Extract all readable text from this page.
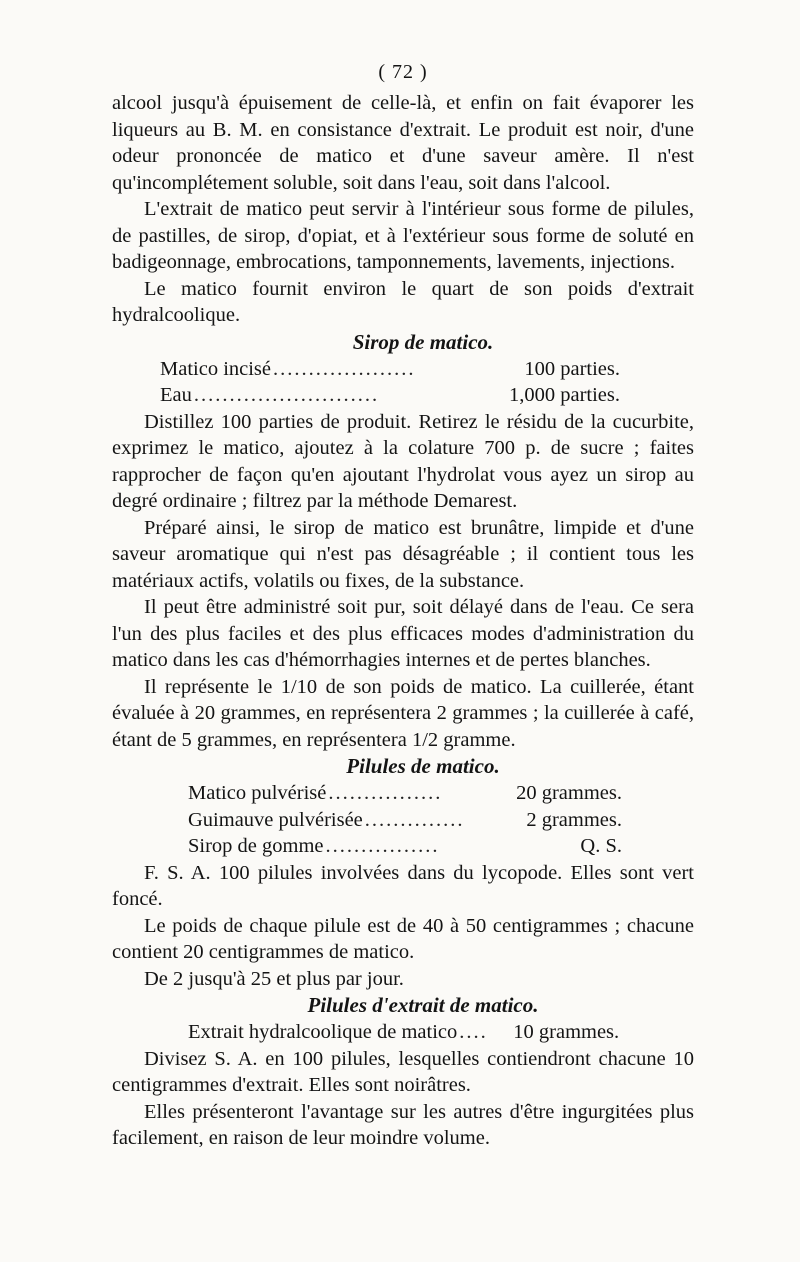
( 72 )

alcool jusqu'à épuisement de celle-là, et enfin on fait évaporer les liqueurs au B. M. en consistance d'extrait. Le produit est noir, d'une odeur prononcée de matico et d'une saveur amère. Il n'est qu'incomplétement soluble, soit dans l'eau, soit dans l'alcool.

L'extrait de matico peut servir à l'intérieur sous forme de pilules, de pastilles, de sirop, d'opiat, et à l'extérieur sous forme de soluté en badigeonnage, embrocations, tamponnements, lavements, injections.

Le matico fournit environ le quart de son poids d'extrait hydralcoolique.

Sirop de matico.
Matico incisé ....................	100 parties.
Eau ..........................	1,000 parties.

Distillez 100 parties de produit. Retirez le résidu de la cucurbite, exprimez le matico, ajoutez à la colature 700 p. de sucre ; faites rapprocher de façon qu'en ajoutant l'hydrolat vous ayez un sirop au degré ordinaire ; filtrez par la méthode Demarest.

Préparé ainsi, le sirop de matico est brunâtre, limpide et d'une saveur aromatique qui n'est pas désagréable ; il contient tous les matériaux actifs, volatils ou fixes, de la substance.

Il peut être administré soit pur, soit délayé dans de l'eau. Ce sera l'un des plus faciles et des plus efficaces modes d'administration du matico dans les cas d'hémorrhagies internes et de pertes blanches.

Il représente le 1/10 de son poids de matico. La cuillerée, étant évaluée à 20 grammes, en représentera 2 grammes ; la cuillerée à café, étant de 5 grammes, en représentera 1/2 gramme.

Pilules de matico.
Matico pulvérisé ................	20 grammes.
Guimauve pulvérisée ..............	2 grammes.
Sirop de gomme ................	Q. S.

F. S. A. 100 pilules involvées dans du lycopode. Elles sont vert foncé.

Le poids de chaque pilule est de 40 à 50 centigrammes ; chacune contient 20 centigrammes de matico.

De 2 jusqu'à 25 et plus par jour.

Pilules d'extrait de matico.
Extrait hydralcoolique de matico ....	10 grammes.

Divisez S. A. en 100 pilules, lesquelles contiendront chacune 10 centigrammes d'extrait. Elles sont noirâtres.

Elles présenteront l'avantage sur les autres d'être ingurgitées plus facilement, en raison de leur moindre volume.
